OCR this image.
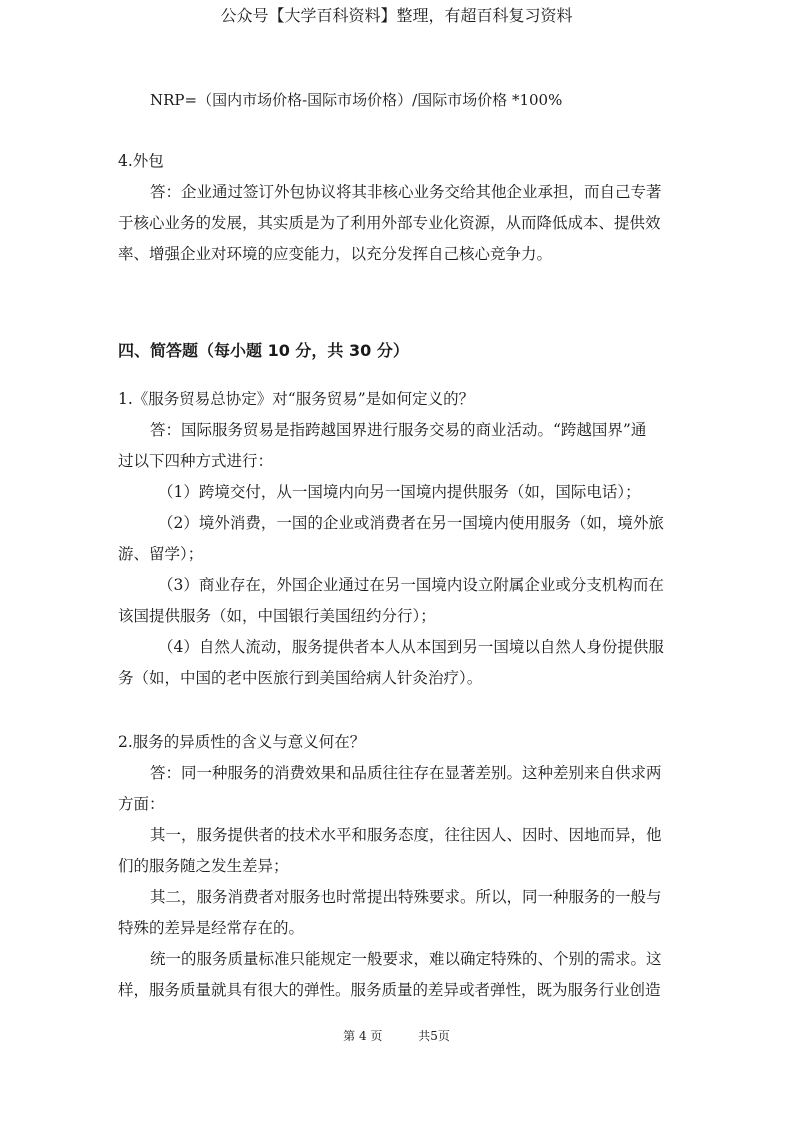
公众号【大学百科资料】整理，有超百科复习资料
NRP=（国内市场价格-国际市场价格）/国际市场价格 *100%
4.外包
答：企业通过签订外包协议将其非核心业务交给其他企业承担，而自己专著
于核心业务的发展，其实质是为了利用外部专业化资源，从而降低成本、提供效
率、增强企业对环境的应变能力，以充分发挥自己核心竞争力。
四、简答题（每小题 10 分，共 30 分）
1.《服务贸易总协定》对“服务贸易”是如何定义的？
答：国际服务贸易是指跨越国界进行服务交易的商业活动。“跨越国界”通
过以下四种方式进行：
（1）跨境交付，从一国境内向另一国境内提供服务（如，国际电话）；
（2）境外消费，一国的企业或消费者在另一国境内使用服务（如，境外旅
游、留学）；
（3）商业存在，外国企业通过在另一国境内设立附属企业或分支机构而在
该国提供服务（如，中国银行美国纽约分行）；
（4）自然人流动，服务提供者本人从本国到另一国境以自然人身份提供服
务（如，中国的老中医旅行到美国给病人针灸治疗）。
2.服务的异质性的含义与意义何在？
答：同一种服务的消费效果和品质往往存在显著差别。这种差别来自供求两
方面：
其一，服务提供者的技术水平和服务态度，往往因人、因时、因地而异，他
们的服务随之发生差异；
其二，服务消费者对服务也时常提出特殊要求。所以，同一种服务的一般与
特殊的差异是经常存在的。
统一的服务质量标准只能规定一般要求，难以确定特殊的、个别的需求。这
样，服务质量就具有很大的弹性。服务质量的差异或者弹性，既为服务行业创造
第 4 页	共5页
